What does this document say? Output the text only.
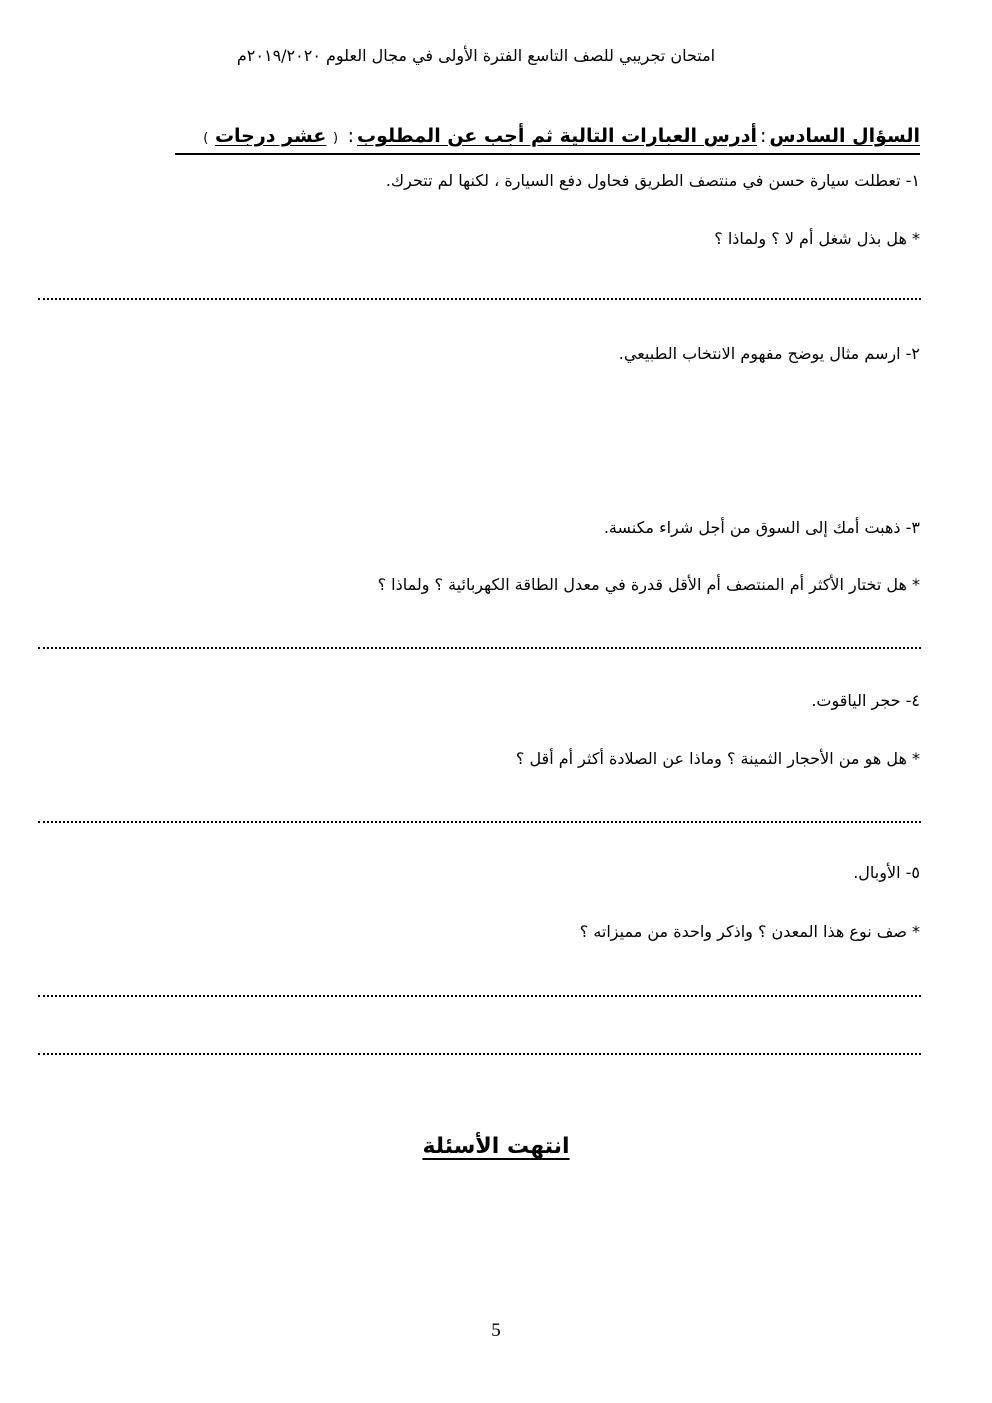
امتحان تجريبي للصف التاسع الفترة الأولى في مجال العلوم ٢٠١٩/٢٠٢٠م
السؤال السادس:أدرس العبارات التالية ثم أجب عن المطلوب: ( عشر درجات )
١- تعطلت سيارة حسن في منتصف الطريق فحاول دفع السيارة ، لكنها لم تتحرك.
* هل بذل شغل أم لا ؟ ولماذا ؟
٢- ارسم مثال يوضح مفهوم الانتخاب الطبيعي.
٣- ذهبت أمك إلى السوق من أجل شراء مكنسة.
* هل تختار الأكثر أم المنتصف أم الأقل قدرة في معدل الطاقة الكهربائية ؟ ولماذا ؟
٤- حجر الياقوت.
* هل هو من الأحجار الثمينة ؟ وماذا عن الصلادة أكثر أم أقل ؟
٥- الأوبال.
* صف نوع هذا المعدن ؟ واذكر واحدة من مميزاته ؟
انتهت الأسئلة
5
